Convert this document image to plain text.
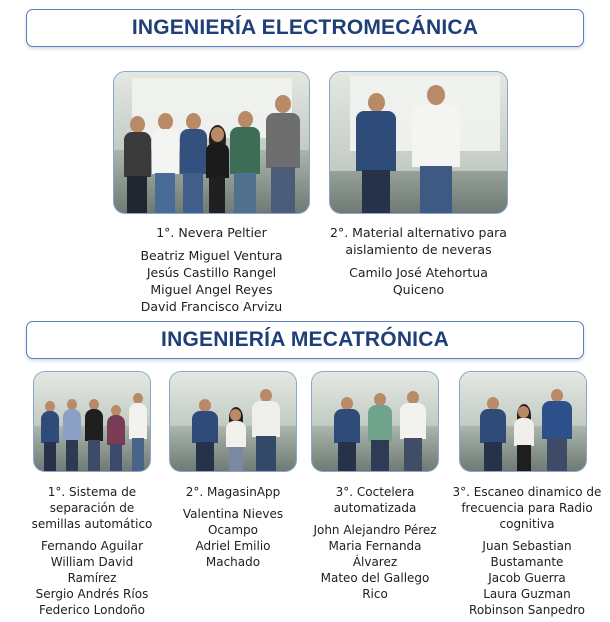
INGENIERÍA ELECTROMECÁNICA
1°. Nevera Peltier
Beatriz Miguel Ventura
Jesús Castillo Rangel
Miguel Angel Reyes
David Francisco Arvizu
2°. Material alternativo para
aislamiento de neveras
Camilo José Atehortua
Quiceno
INGENIERÍA MECATRÓNICA
1°. Sistema de
separación de
semillas automático
Fernando Aguilar
William David
Ramírez
Sergio Andrés Ríos
Federico Londoño
2°. MagasinApp
Valentina Nieves
Ocampo
Adriel Emilio
Machado
3°. Coctelera
automatizada
John Alejandro Pérez
Maria Fernanda
Álvarez
Mateo del Gallego
Rico
3°. Escaneo dinamico de
frecuencia para Radio
cognitiva
Juan Sebastian
Bustamante
Jacob Guerra
Laura Guzman
Robinson Sanpedro
